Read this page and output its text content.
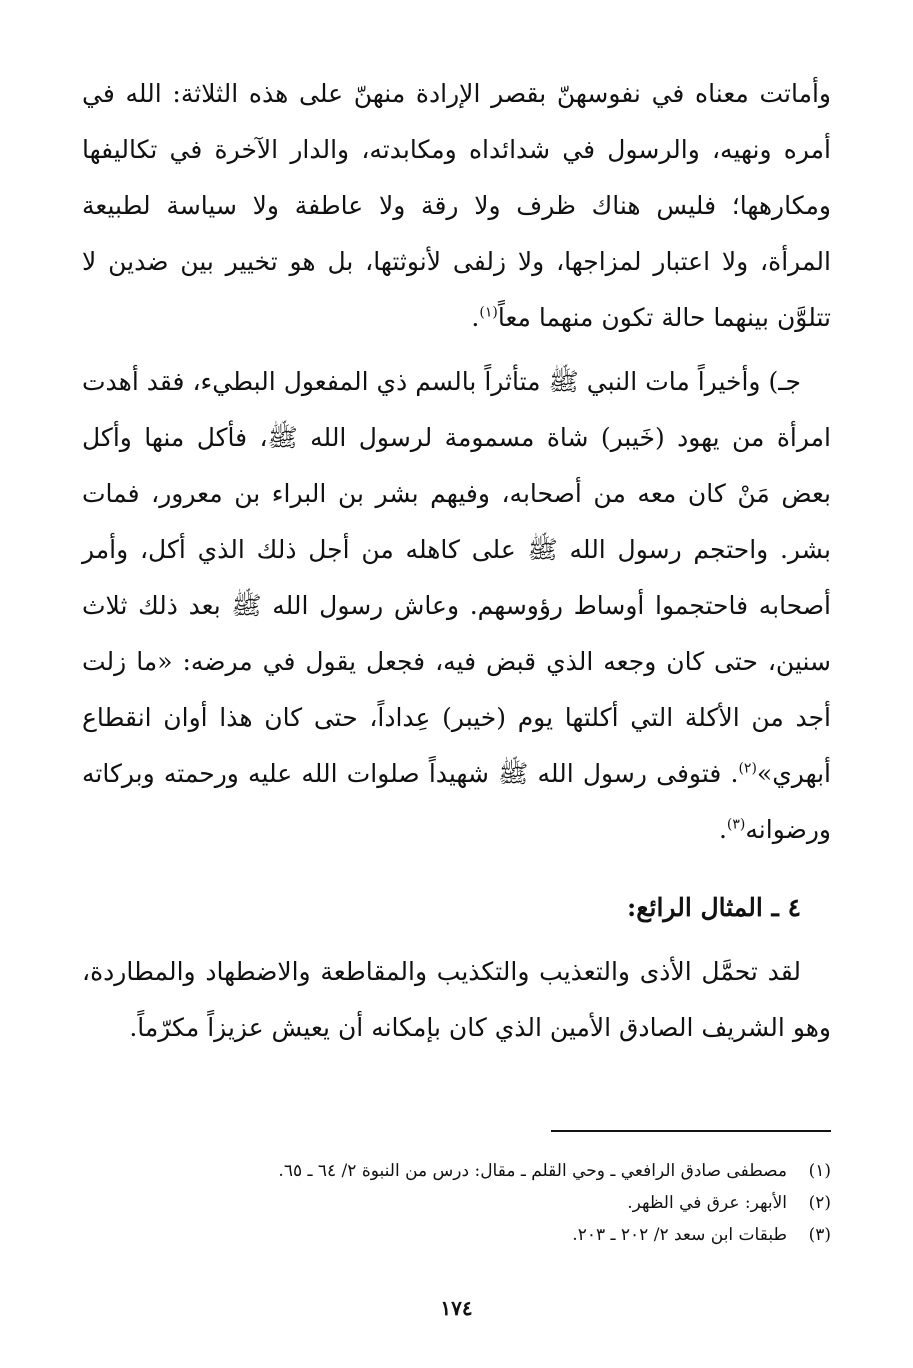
وأماتت معناه في نفوسهنّ بقصر الإرادة منهنّ على هذه الثلاثة: الله في أمره ونهيه، والرسول في شدائداه ومكابدته، والدار الآخرة في تكاليفها ومكارهها؛ فليس هناك ظرف ولا رقة ولا عاطفة ولا سياسة لطبيعة المرأة، ولا اعتبار لمزاجها، ولا زلفى لأنوثتها، بل هو تخيير بين ضدين لا تتلوَّن بينهما حالة تكون منهما معاً$^{(١)}$.

جـ) وأخيراً مات النبي ﷺ متأثراً بالسم ذي المفعول البطيء، فقد أهدت امرأة من يهود (خَيبر) شاة مسمومة لرسول الله ﷺ، فأكل منها وأكل بعض مَنْ كان معه من أصحابه، وفيهم بشر بن البراء بن معرور، فمات بشر. واحتجم رسول الله ﷺ على كاهله من أجل ذلك الذي أكل، وأمر أصحابه فاحتجموا أوساط رؤوسهم. وعاش رسول الله ﷺ بعد ذلك ثلاث سنين، حتى كان وجعه الذي قبض فيه، فجعل يقول في مرضه: «ما زلت أجد من الأكلة التي أكلتها يوم (خيبر) عِداداً، حتى كان هذا أوان انقطاع أبهري»$^{(٢)}$. فتوفى رسول الله ﷺ شهيداً صلوات الله عليه ورحمته وبركاته ورضوانه$^{(٣)}$.

٤ ـ المثال الرائع:

لقد تحمَّل الأذى والتعذيب والتكذيب والمقاطعة والاضطهاد والمطاردة، وهو الشريف الصادق الأمين الذي كان بإمكانه أن يعيش عزيزاً مكرّماً.

(١)
مصطفى صادق الرافعي ـ وحي القلم ـ مقال: درس من النبوة ٢/ ٦٤ ـ ٦٥.
(٢)
الأبهر: عرق في الظهر.
(٣)
طبقات ابن سعد ٢/ ٢٠٢ ـ ٢٠٣.
١٧٤
